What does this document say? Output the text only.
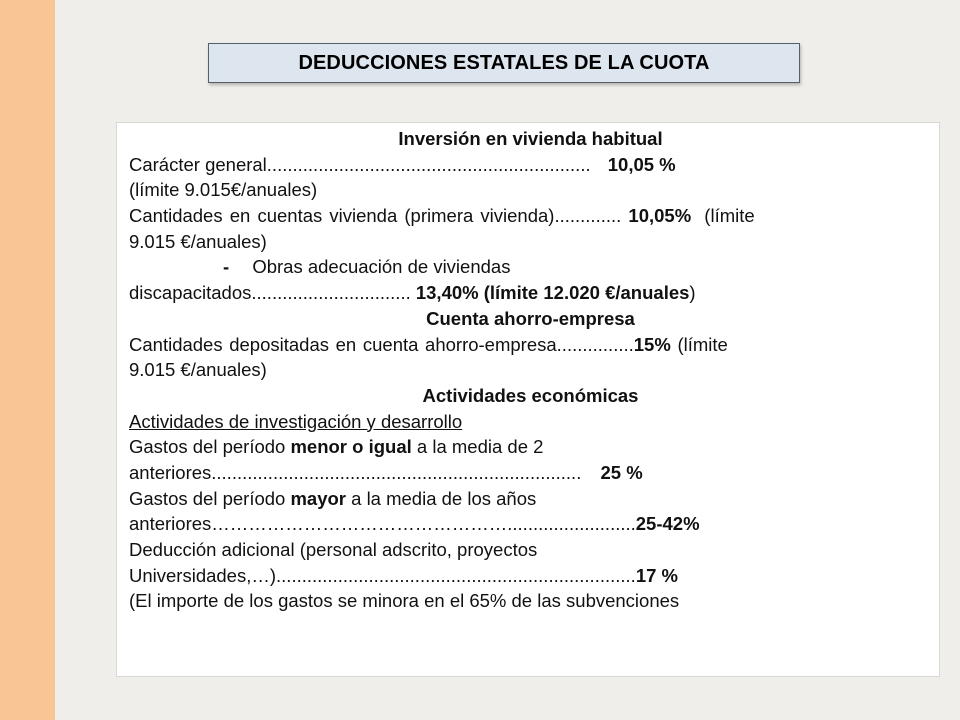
DEDUCCIONES ESTATALES DE LA CUOTA
Inversión en vivienda habitual
Carácter general............................................................... 10,05 %
(límite 9.015€/anuales)
Cantidades en cuentas vivienda (primera vivienda)............. 10,05% (límite
9.015 €/anuales)
- Obras adecuación de viviendas
discapacitados............................... 13,40% (límite 12.020 €/anuales)
Cuenta ahorro-empresa
Cantidades depositadas en cuenta ahorro-empresa...............15% (límite
9.015 €/anuales)
Actividades económicas
Actividades de investigación y desarrollo
Gastos del período menor o igual a la media de 2
anteriores........................................................................ 25 %
Gastos del período mayor a la media de los años
anteriores………………………………………….........................25-42%
Deducción adicional (personal adscrito, proyectos
Universidades,…)......................................................................17 %
(El importe de los gastos se minora en el 65% de las subvenciones
